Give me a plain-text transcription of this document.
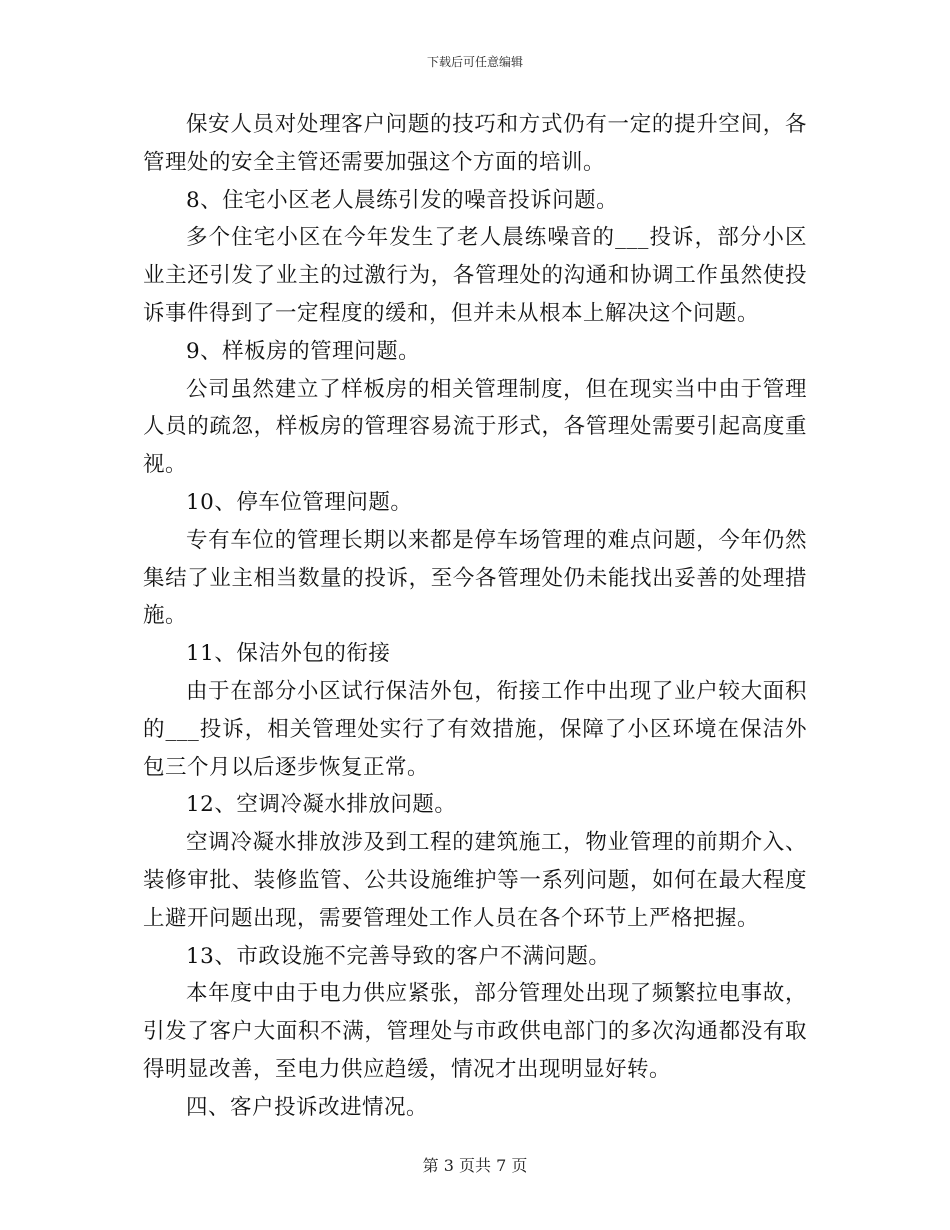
下载后可任意编辑

保安人员对处理客户问题的技巧和方式仍有一定的提升空间，各管理处的安全主管还需要加强这个方面的培训。

8、住宅小区老人晨练引发的噪音投诉问题。

多个住宅小区在今年发生了老人晨练噪音的___投诉，部分小区业主还引发了业主的过激行为，各管理处的沟通和协调工作虽然使投诉事件得到了一定程度的缓和，但并未从根本上解决这个问题。

9、样板房的管理问题。

公司虽然建立了样板房的相关管理制度，但在现实当中由于管理人员的疏忽，样板房的管理容易流于形式，各管理处需要引起高度重视。

10、停车位管理问题。

专有车位的管理长期以来都是停车场管理的难点问题，今年仍然集结了业主相当数量的投诉，至今各管理处仍未能找出妥善的处理措施。

11、保洁外包的衔接

由于在部分小区试行保洁外包，衔接工作中出现了业户较大面积的___投诉，相关管理处实行了有效措施，保障了小区环境在保洁外包三个月以后逐步恢复正常。

12、空调冷凝水排放问题。

空调冷凝水排放涉及到工程的建筑施工，物业管理的前期介入、装修审批、装修监管、公共设施维护等一系列问题，如何在最大程度上避开问题出现，需要管理处工作人员在各个环节上严格把握。

13、市政设施不完善导致的客户不满问题。

本年度中由于电力供应紧张，部分管理处出现了频繁拉电事故，引发了客户大面积不满，管理处与市政供电部门的多次沟通都没有取得明显改善，至电力供应趋缓，情况才出现明显好转。

四、客户投诉改进情况。

第 3 页共 7 页
